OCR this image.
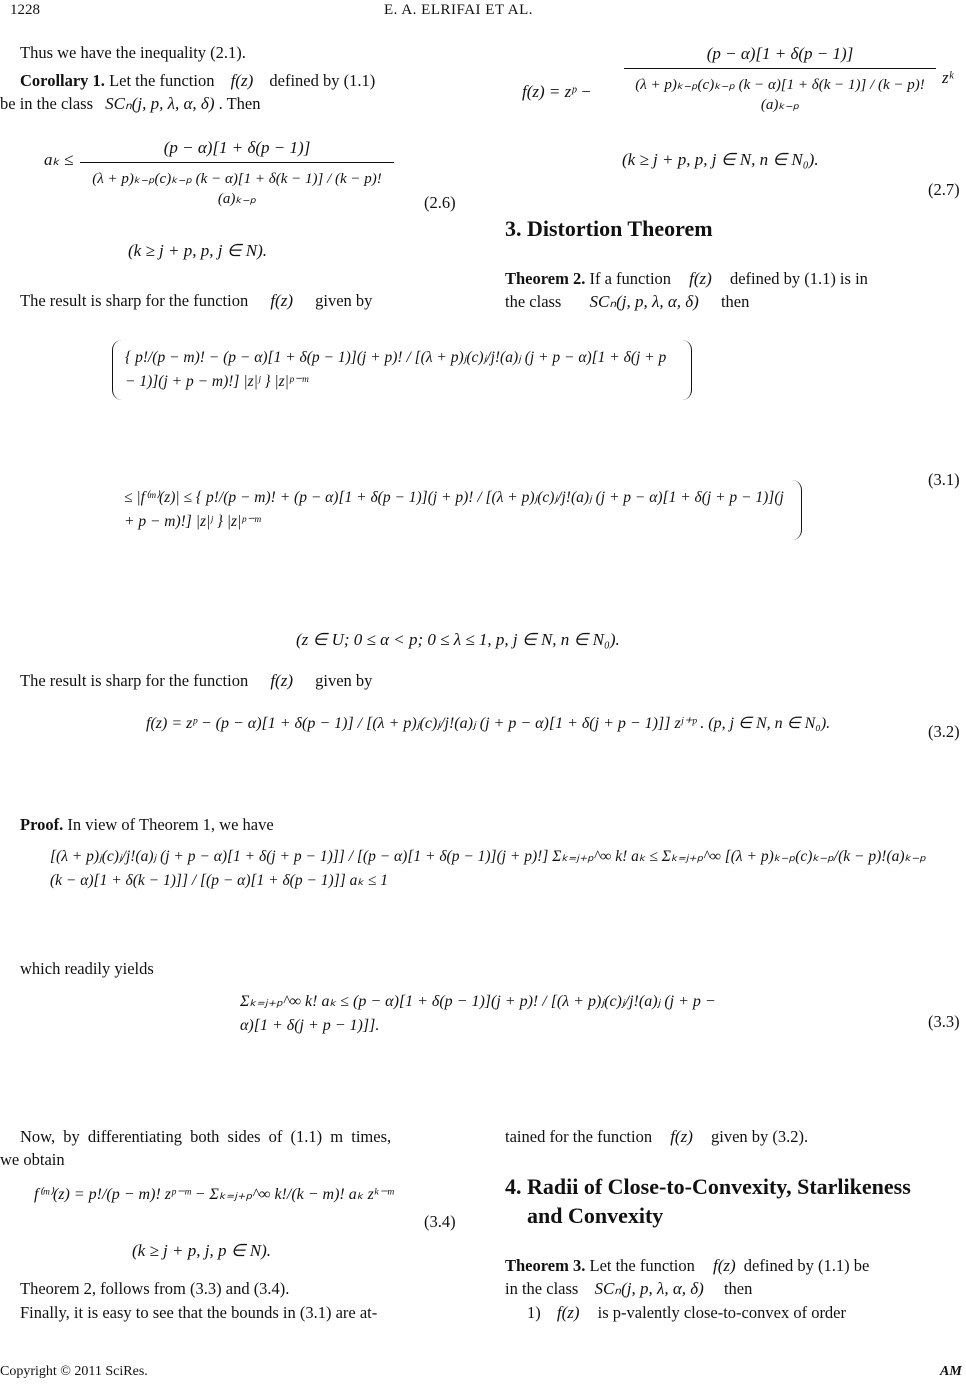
1228	E. A. ELRIFAI ET AL.
Thus we have the inequality (2.1).
Corollary 1. Let the function f(z) defined by (1.1)
be in the class SCₙ(j, p, λ, α, δ) . Then
$a_k \le \frac{(p - \alpha)[1 + \delta(p - 1)]}{\text{(λ + p)ₖ₋ₚ(c)ₖ₋ₚ (k − α)[1 + δ(k − 1)] / (k − p)!(a)ₖ₋ₚ}} (2.6)$
(k ≥ j + p, p, j ∈ N).
The result is sharp for the function f(z) given by
f(z) = zᵖ − $\frac{(p - \alpha)[1 + \delta(p - 1)]}{\text{(λ + p)ₖ₋ₚ(c)ₖ₋ₚ (k − α)[1 + δ(k − 1)] / (k − p)!(a)ₖ₋ₚ}}$ zᵏ
(k ≥ j + p, p, j ∈ N, n ∈ N₀).
(2.7)
3. Distortion Theorem
Theorem 2. If a function f(z) defined by (1.1) is in
the class SCₙ(j, p, λ, α, δ) then
{ p!/(p − m)! − (p − α)[1 + δ(p − 1)](j + p)! / [(λ + p)ⱼ(c)ⱼ/j!(a)ⱼ (j + p − α)[1 + δ(j + p − 1)](j + p − m)!] |z|ʲ } |z|ᵖ⁻ᵐ
≤ |f⁽ᵐ⁾(z)| ≤ { p!/(p − m)! + (p − α)[1 + δ(p − 1)](j + p)! / [(λ + p)ⱼ(c)ⱼ/j!(a)ⱼ (j + p − α)[1 + δ(j + p − 1)](j + p − m)!] |z|ʲ } |z|ᵖ⁻ᵐ
(3.1)
(z ∈ U; 0 ≤ α < p; 0 ≤ λ ≤ 1, p, j ∈ N, n ∈ N₀).
The result is sharp for the function f(z) given by
f(z) = zᵖ − (p − α)[1 + δ(p − 1)] / [(λ + p)ⱼ(c)ⱼ/j!(a)ⱼ (j + p − α)[1 + δ(j + p − 1)]] zʲ⁺ᵖ . (p, j ∈ N, n ∈ N₀).	(3.2)
Proof. In view of Theorem 1, we have
[(λ + p)ⱼ(c)ⱼ/j!(a)ⱼ (j + p − α)[1 + δ(j + p − 1)]] / [(p − α)[1 + δ(p − 1)](j + p)!] Σₖ₌ⱼ₊ₚ^∞ k! aₖ ≤ Σₖ₌ⱼ₊ₚ^∞ [(λ + p)ₖ₋ₚ(c)ₖ₋ₚ/(k − p)!(a)ₖ₋ₚ (k − α)[1 + δ(k − 1)]] / [(p − α)[1 + δ(p − 1)]] aₖ ≤ 1
which readily yields
Σₖ₌ⱼ₊ₚ^∞ k! aₖ ≤ (p − α)[1 + δ(p − 1)](j + p)! / [(λ + p)ⱼ(c)ⱼ/j!(a)ⱼ (j + p − α)[1 + δ(j + p − 1)]].	(3.3)
Now, by differentiating both sides of (1.1) m times,
we obtain
f⁽ᵐ⁾(z) = p!/(p − m)! zᵖ⁻ᵐ − Σₖ₌ⱼ₊ₚ^∞ k!/(k − m)! aₖ zᵏ⁻ᵐ
(3.4)
(k ≥ j + p, j, p ∈ N).
Theorem 2, follows from (3.3) and (3.4).
Finally, it is easy to see that the bounds in (3.1) are at-
tained for the function f(z) given by (3.2).
4. Radii of Close-to-Convexity, Starlikeness
and Convexity
Theorem 3. Let the function f(z) defined by (1.1) be
in the class SCₙ(j, p, λ, α, δ) then
1) f(z) is p-valently close-to-convex of order
Copyright © 2011 SciRes.	AM
